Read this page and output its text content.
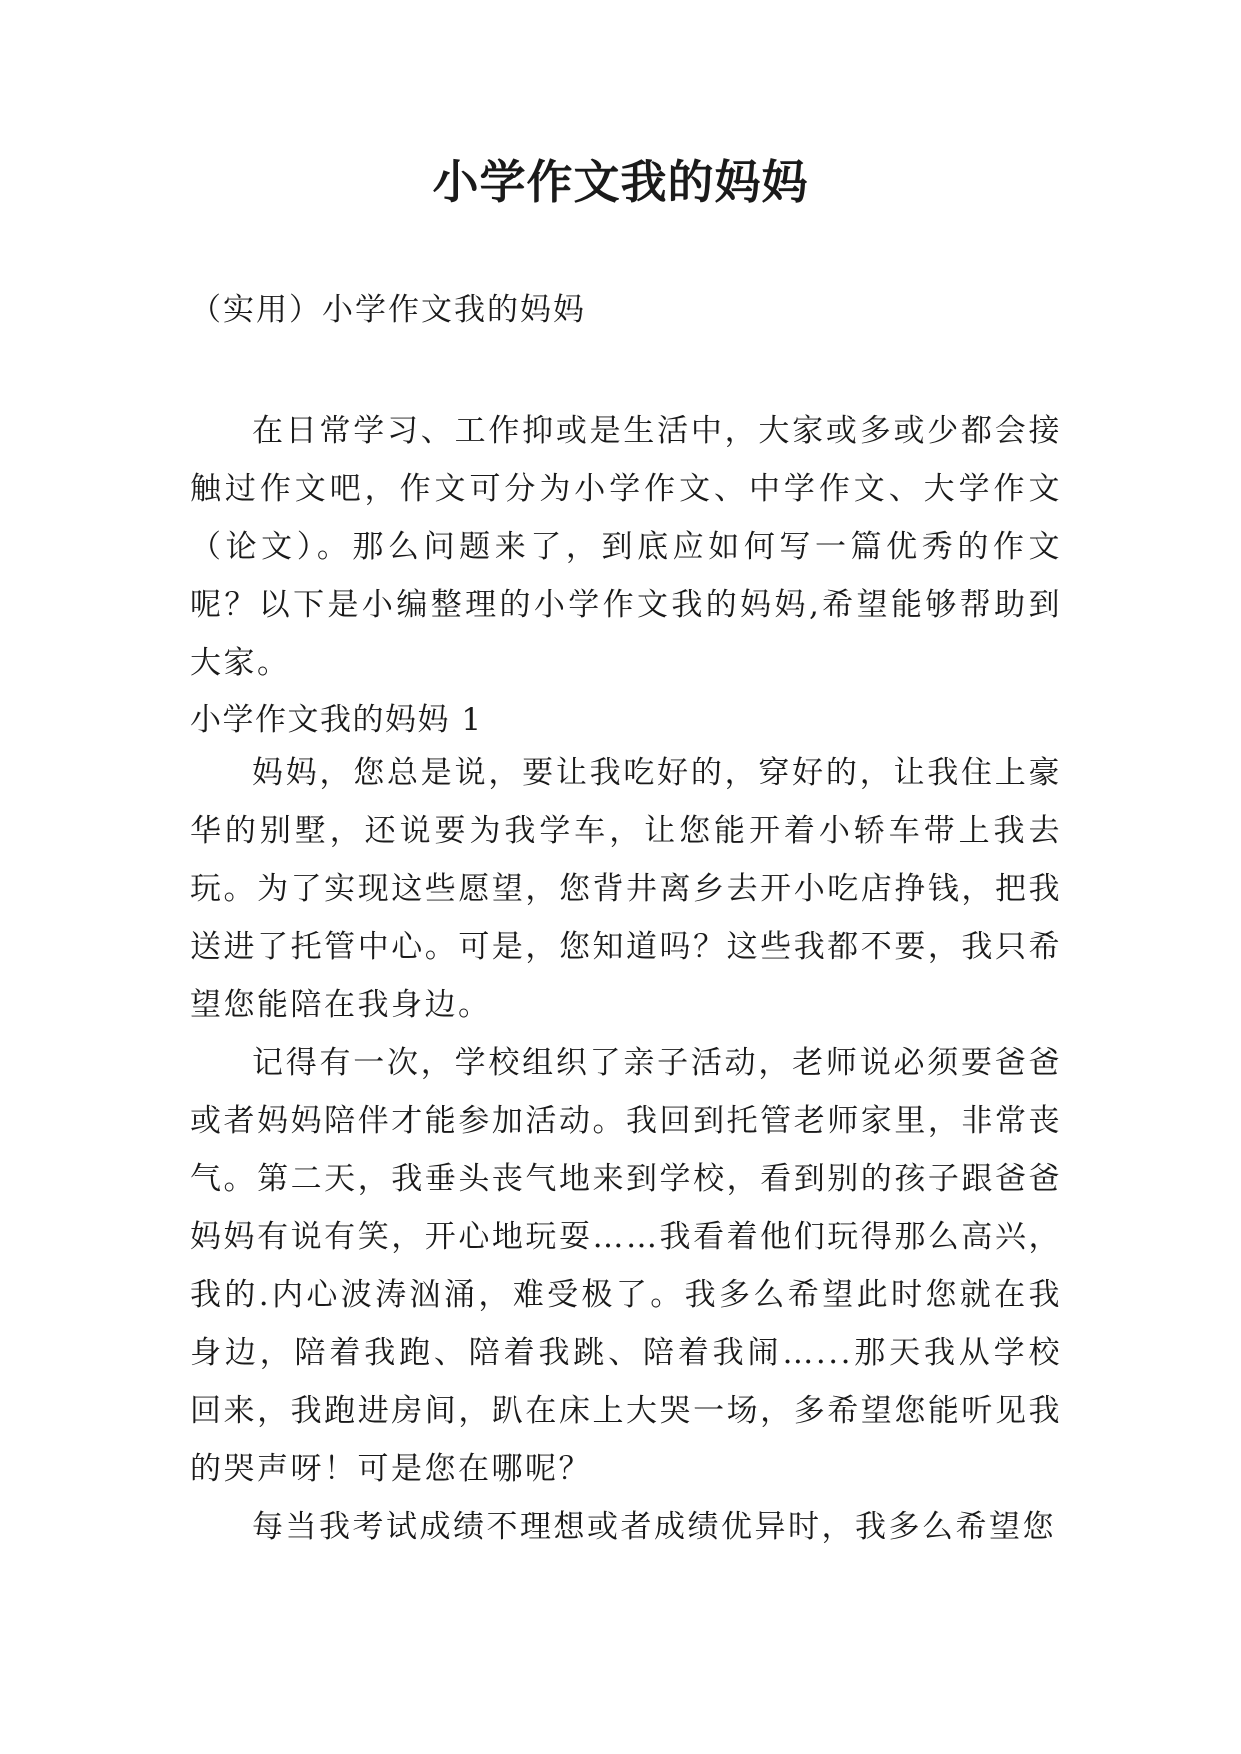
小学作文我的妈妈
（实用）小学作文我的妈妈

在日常学习、工作抑或是生活中，大家或多或少都会接触过作文吧，作文可分为小学作文、中学作文、大学作文（论文）。那么问题来了，到底应如何写一篇优秀的作文呢？以下是小编整理的小学作文我的妈妈,希望能够帮助到大家。

小学作文我的妈妈 1

妈妈，您总是说，要让我吃好的，穿好的，让我住上豪华的别墅，还说要为我学车，让您能开着小轿车带上我去玩。为了实现这些愿望，您背井离乡去开小吃店挣钱，把我送进了托管中心。可是，您知道吗？这些我都不要，我只希望您能陪在我身边。

记得有一次，学校组织了亲子活动，老师说必须要爸爸或者妈妈陪伴才能参加活动。我回到托管老师家里，非常丧气。第二天，我垂头丧气地来到学校，看到别的孩子跟爸爸妈妈有说有笑，开心地玩耍……我看着他们玩得那么高兴，我的.内心波涛汹涌，难受极了。我多么希望此时您就在我身边，陪着我跑、陪着我跳、陪着我闹…...那天我从学校回来，我跑进房间，趴在床上大哭一场，多希望您能听见我的哭声呀！可是您在哪呢？

每当我考试成绩不理想或者成绩优异时，我多么希望您
